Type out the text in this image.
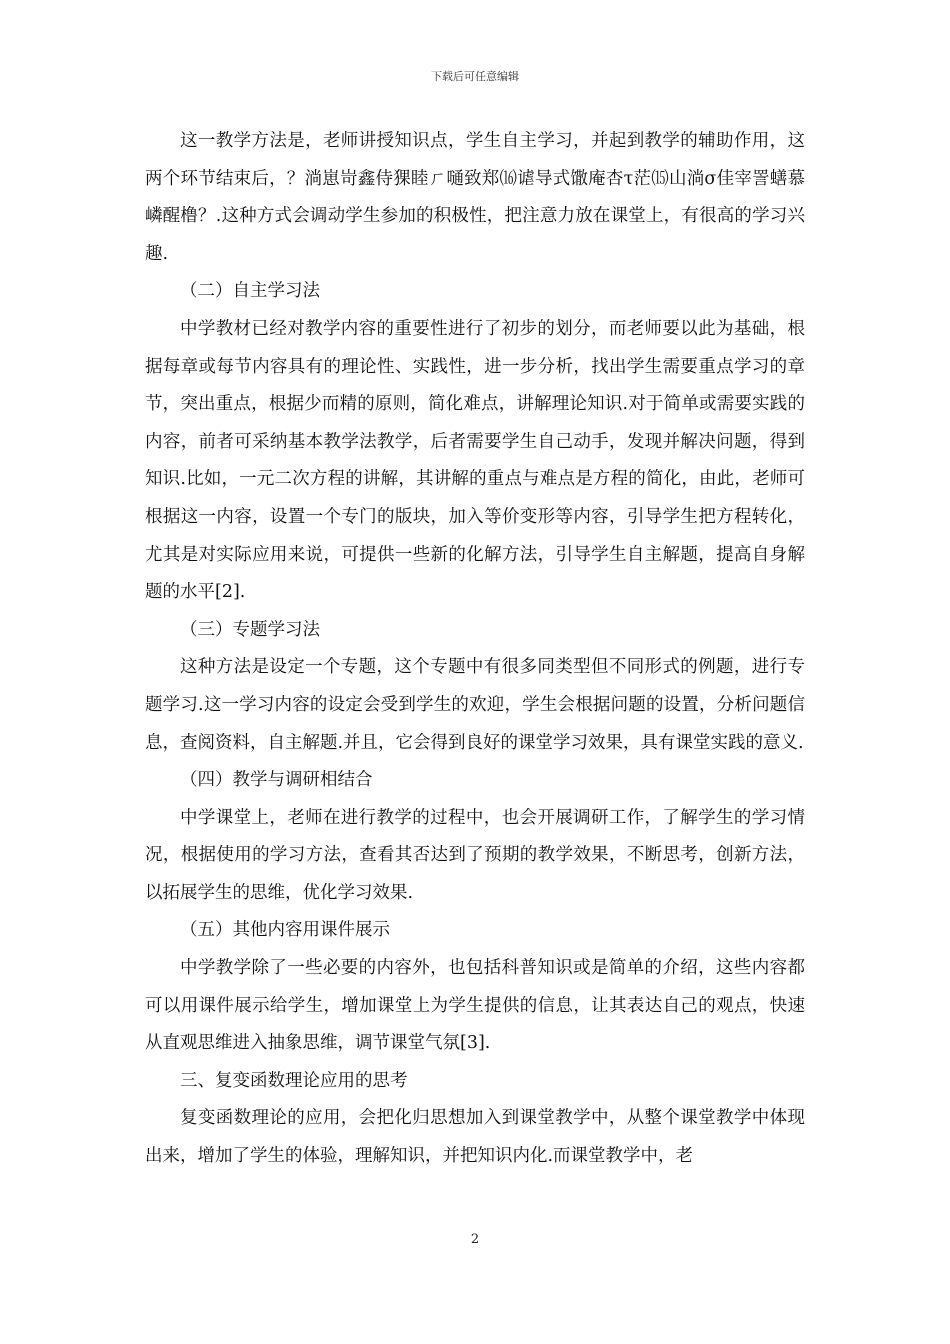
下载后可任意编辑

这一教学方法是，老师讲授知识点，学生自主学习，并起到教学的辅助作用，这两个环节结束后，？淌崽岢鑫侍猓睦ㄏ嗵致郑⒃谑导式馓庵杏τ茫⒂山淌σ佳宰詈蟮慕嶙醒橹？.这种方式会调动学生参加的积极性，把注意力放在课堂上，有很高的学习兴趣.

（二）自主学习法

中学教材已经对教学内容的重要性进行了初步的划分，而老师要以此为基础，根据每章或每节内容具有的理论性、实践性，进一步分析，找出学生需要重点学习的章节，突出重点，根据少而精的原则，简化难点，讲解理论知识.对于简单或需要实践的内容，前者可采纳基本教学法教学，后者需要学生自己动手，发现并解决问题，得到知识.比如，一元二次方程的讲解，其讲解的重点与难点是方程的简化，由此，老师可根据这一内容，设置一个专门的版块，加入等价变形等内容，引导学生把方程转化，尤其是对实际应用来说，可提供一些新的化解方法，引导学生自主解题，提高自身解题的水平[2].

（三）专题学习法

这种方法是设定一个专题，这个专题中有很多同类型但不同形式的例题，进行专题学习.这一学习内容的设定会受到学生的欢迎，学生会根据问题的设置，分析问题信息，查阅资料，自主解题.并且，它会得到良好的课堂学习效果，具有课堂实践的意义.

（四）教学与调研相结合

中学课堂上，老师在进行教学的过程中，也会开展调研工作，了解学生的学习情况，根据使用的学习方法，查看其否达到了预期的教学效果，不断思考，创新方法，以拓展学生的思维，优化学习效果.

（五）其他内容用课件展示

中学教学除了一些必要的内容外，也包括科普知识或是简单的介绍，这些内容都可以用课件展示给学生，增加课堂上为学生提供的信息，让其表达自己的观点，快速从直观思维进入抽象思维，调节课堂气氛[3].

三、复变函数理论应用的思考

复变函数理论的应用，会把化归思想加入到课堂教学中，从整个课堂教学中体现出来，增加了学生的体验，理解知识，并把知识内化.而课堂教学中，老

2
